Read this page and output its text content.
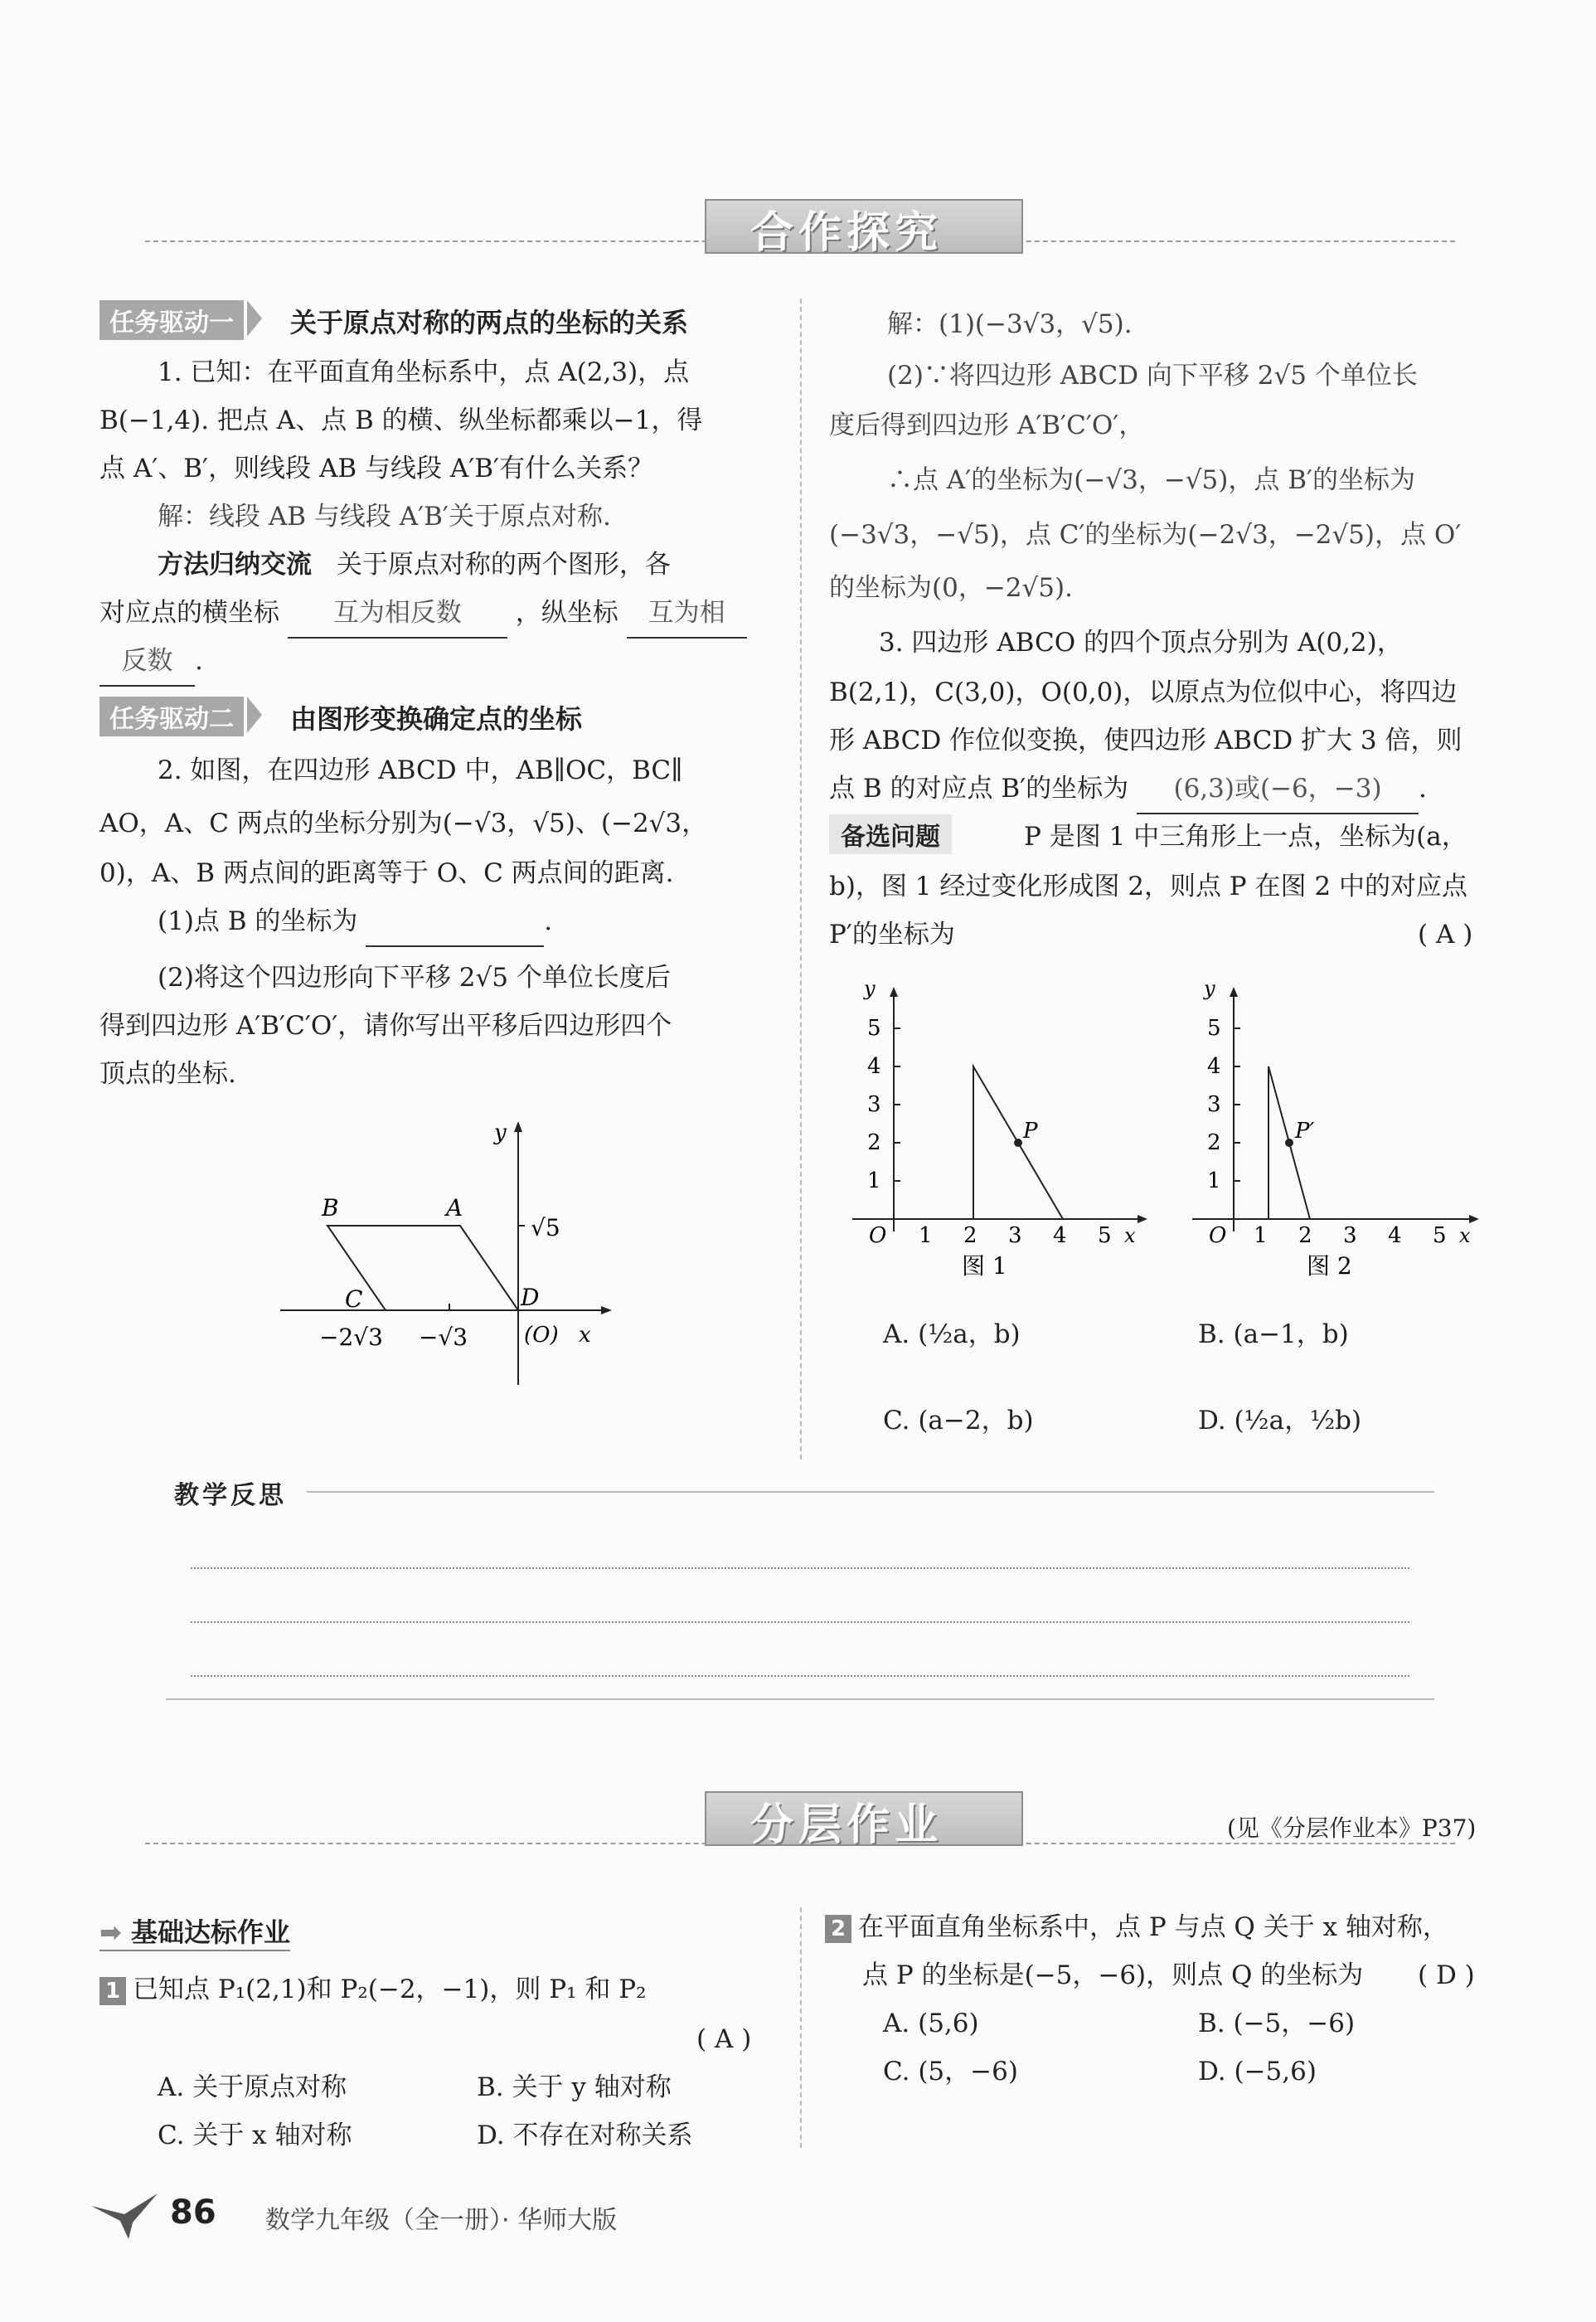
合作探究
任务驱动一	关于原点对称的两点的坐标的关系
1. 已知：在平面直角坐标系中，点 A(2,3)，点
B(−1,4). 把点 A、点 B 的横、纵坐标都乘以−1，得
点 A′、B′，则线段 AB 与线段 A′B′有什么关系？
解：线段 AB 与线段 A′B′关于原点对称.
方法归纳交流 关于原点对称的两个图形，各
对应点的横坐标 互为相反数 ，纵坐标 互为相
反数 .
任务驱动二	由图形变换确定点的坐标
2. 如图，在四边形 ABCD 中，AB∥OC，BC∥
AO，A、C 两点的坐标分别为(−√3，√5)、(−2√3，
0)，A、B 两点间的距离等于 O、C 两点间的距离.
(1)点 B 的坐标为	.
(2)将这个四边形向下平移 2√5 个单位长度后
得到四边形 A′B′C′O′，请你写出平移后四边形四个
顶点的坐标.
B	A
C	D
(O)
y
x
√5
−2√3 −√3
解：(1)(−3√3，√5).
(2)∵将四边形 ABCD 向下平移 2√5 个单位长
度后得到四边形 A′B′C′O′，
∴点 A′的坐标为(−√3，−√5)，点 B′的坐标为
(−3√3，−√5)，点 C′的坐标为(−2√3，−2√5)，点 O′
的坐标为(0，−2√5).
3. 四边形 ABCO 的四个顶点分别为 A(0,2)，
B(2,1)，C(3,0)，O(0,0)，以原点为位似中心，将四边
形 ABCD 作位似变换，使四边形 ABCD 扩大 3 倍，则
点 B 的对应点 B′的坐标为 (6,3)或(−6，−3) .
备选问题	P 是图 1 中三角形上一点，坐标为(a，
b)，图 1 经过变化形成图 2，则点 P 在图 2 中的对应点
P′的坐标为	( A )
y
x
O 1 2 3 4 5
1
2
3
4
5
P
图 1
y
x
O 1 2 3 4 5
1
2
3
4
5
P′
图 2
A. (½a，b)	B. (a−1，b)
C. (a−2，b)	D. (½a，½b)
教学反思
分层作业	(见《分层作业本》P37)
➡ 基础达标作业
1 已知点 P₁(2,1)和 P₂(−2，−1)，则 P₁ 和 P₂
( A )
A. 关于原点对称	B. 关于 y 轴对称
C. 关于 x 轴对称	D. 不存在对称关系
2 在平面直角坐标系中，点 P 与点 Q 关于 x 轴对称，
点 P 的坐标是(−5，−6)，则点 Q 的坐标为 ( D )
A. (5,6)	B. (−5，−6)
C. (5，−6)	D. (−5,6)
86 数学九年级（全一册）· 华师大版
